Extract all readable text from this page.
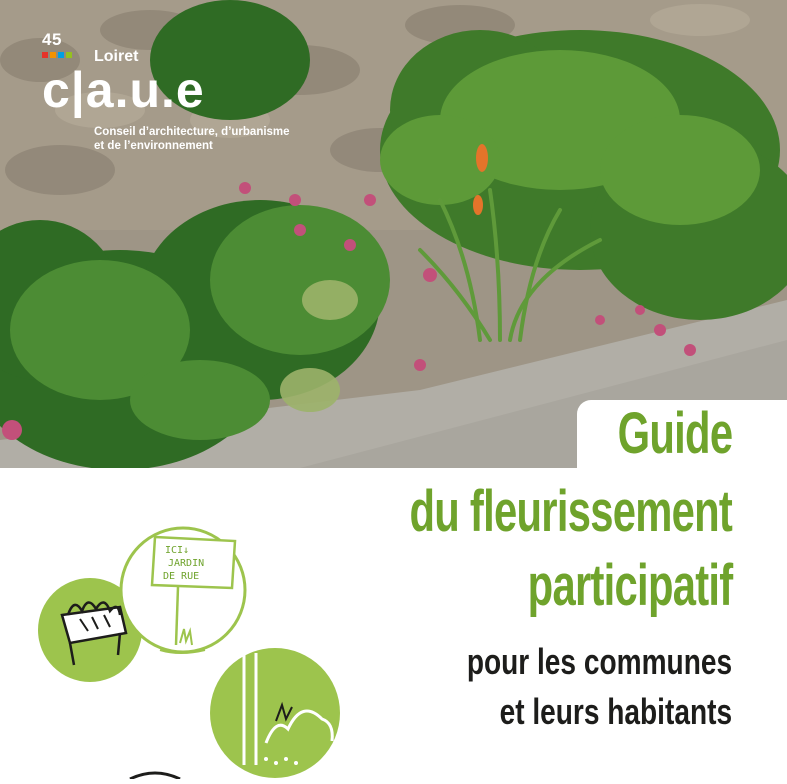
45
Loiret
c|a.u.e
Conseil d’architecture, d’urbanisme
et de l’environnement
Guide
du fleurissement
participatif
pour les communes
et leurs habitants
ICI↓
JARDIN
DE RUE
